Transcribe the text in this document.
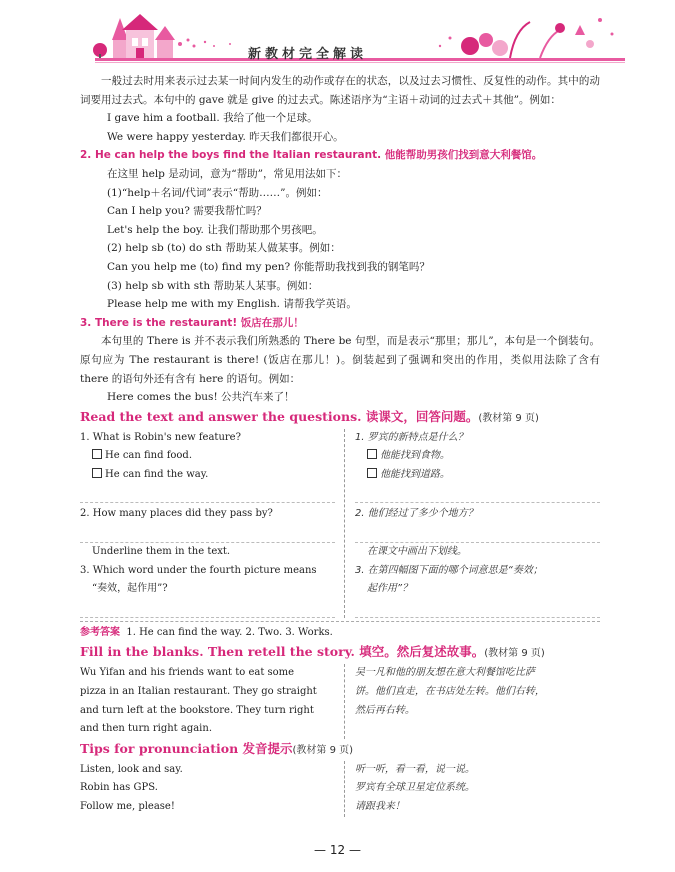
新教材完全解读

一般过去时用来表示过去某一时间内发生的动作或存在的状态，以及过去习惯性、反复性的动作。其中的动词要用过去式。本句中的 gave 就是 give 的过去式。陈述语序为“主语＋动词的过去式＋其他”。例如：

I gave him a football. 我给了他一个足球。

We were happy yesterday. 昨天我们都很开心。

2. He can help the boys find the Italian restaurant. 他能帮助男孩们找到意大利餐馆。

在这里 help 是动词，意为“帮助”，常见用法如下：

(1)“help＋名词/代词”表示“帮助……”。例如：

Can I help you? 需要我帮忙吗？

Let's help the boy. 让我们帮助那个男孩吧。

(2) help sb (to) do sth 帮助某人做某事。例如：

Can you help me (to) find my pen? 你能帮助我找到我的钢笔吗？

(3) help sb with sth 帮助某人某事。例如：

Please help me with my English. 请帮我学英语。

3. There is the restaurant! 饭店在那儿！

本句里的 There is 并不表示我们所熟悉的 There be 句型，而是表示“那里；那儿”，本句是一个倒装句。原句应为 The restaurant is there! (饭店在那儿！)。倒装起到了强调和突出的作用，类似用法除了含有 there 的语句外还有含有 here 的语句。例如：

Here comes the bus! 公共汽车来了！

Read the text and answer the questions. 读课文，回答问题。(教材第 9 页)

1. What is Robin's new feature?

He can find food.

He can find the way.

2. How many places did they pass by?

Underline them in the text.

3. Which word under the fourth picture means

“奏效，起作用”?

1. 罗宾的新特点是什么？

他能找到食物。

他能找到道路。

2. 他们经过了多少个地方？

在课文中画出下划线。

3. 在第四幅图下面的哪个词意思是“奏效；

起作用”？

参考答案 1. He can find the way. 2. Two. 3. Works.

Fill in the blanks. Then retell the story. 填空。然后复述故事。(教材第 9 页)

Wu Yifan and his friends want to eat some

pizza in an Italian restaurant. They go straight

and turn left at the bookstore. They turn right

and then turn right again.

吴一凡和他的朋友想在意大利餐馆吃比萨

饼。他们直走，在书店处左转。他们右转，

然后再右转。

Tips for pronunciation 发音提示(教材第 9 页)

Listen, look and say.

Robin has GPS.

Follow me, please!

听一听，看一看，说一说。

罗宾有全球卫星定位系统。

请跟我来！

— 12 —
